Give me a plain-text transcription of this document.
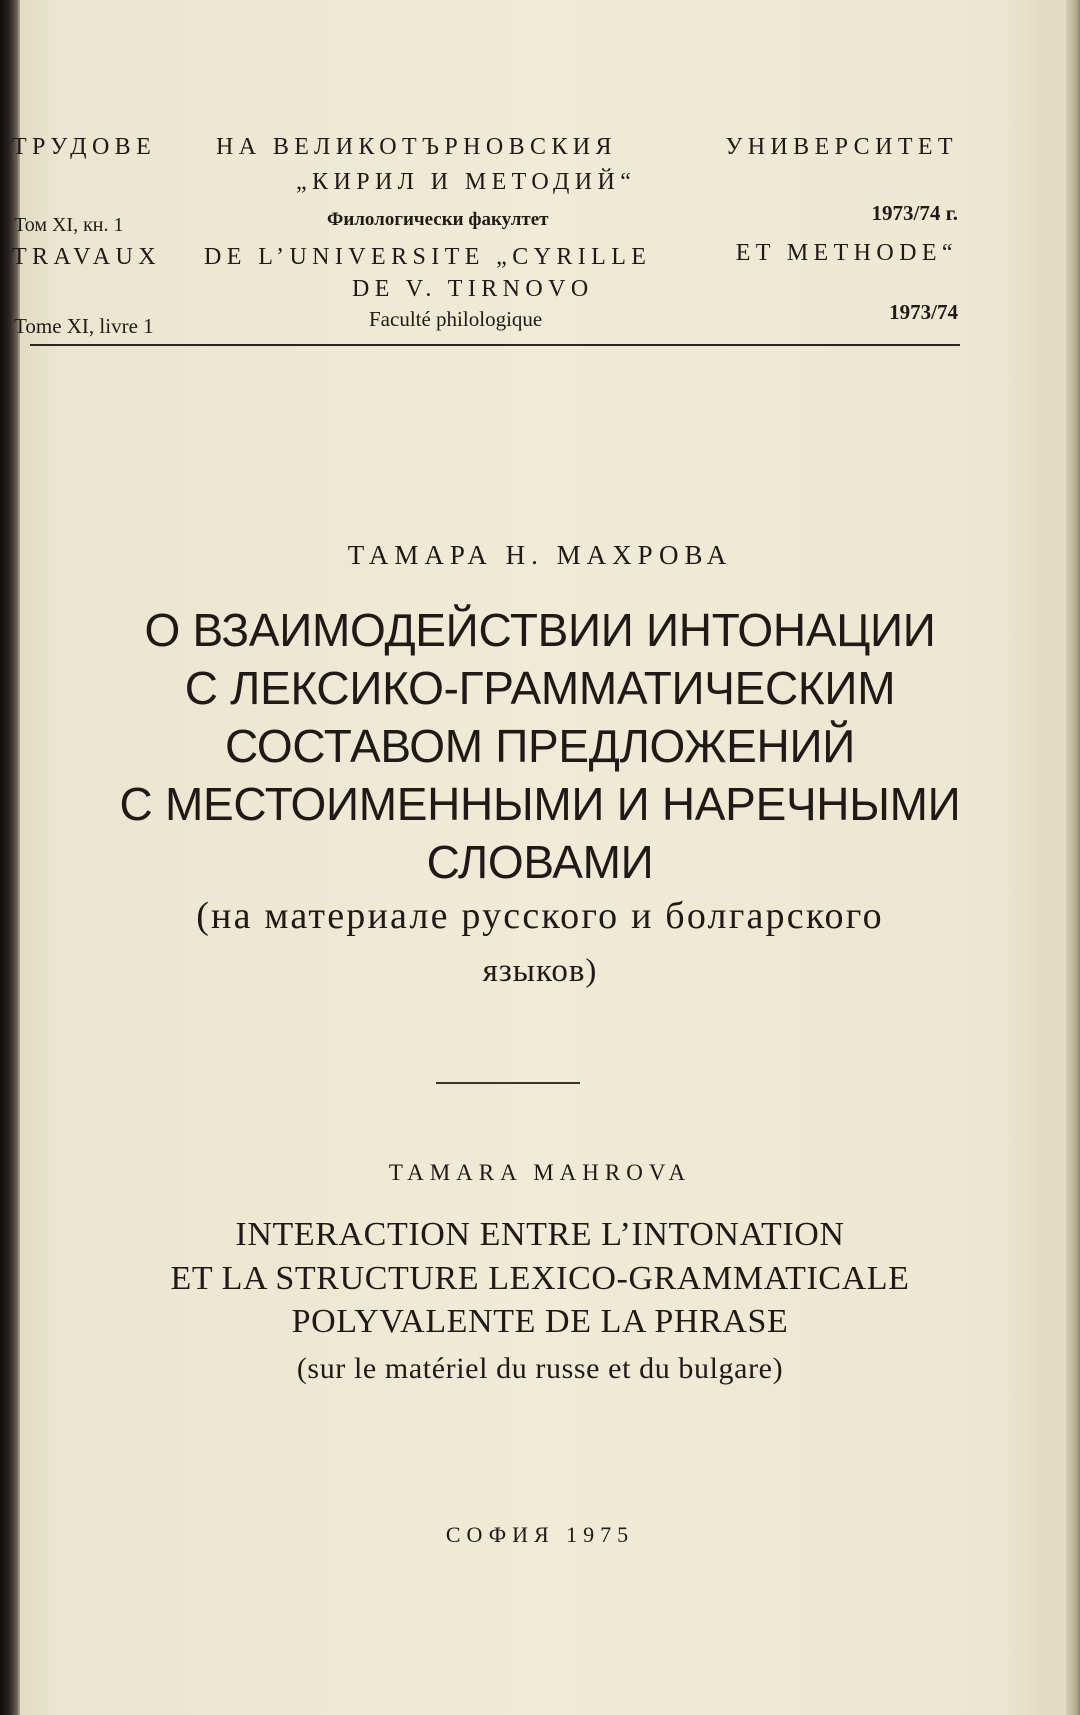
ТРУДОВЕ НА ВЕЛИКОТЪРНОВСКИЯ	УНИВЕРСИТЕТ
„КИРИЛ И МЕТОДИЙ“
Том XI, кн. 1	Филологически факултет	1973/74 г.
TRAVAUX DE L’UNIVERSITE „CYRILLE	ET METHODE“
DE V. TIRNOVO
Tome XI, livre 1	Faculté philologique	1973/74
ТАМАРА Н. МАХРОВА
О ВЗАИМОДЕЙСТВИИ ИНТОНАЦИИ
С ЛЕКСИКО-ГРАММАТИЧЕСКИМ
СОСТАВОМ ПРЕДЛОЖЕНИЙ
С МЕСТОИМЕННЫМИ И НАРЕЧНЫМИ
СЛОВАМИ
(на материале русского и болгарского
языков)
TAMARA MAHROVA
INTERACTION ENTRE L’INTONATION
ET LA STRUCTURE LEXICO-GRAMMATICALE
POLYVALENTE DE LA PHRASE
(sur le matériel du russe et du bulgare)
СОФИЯ 1975
